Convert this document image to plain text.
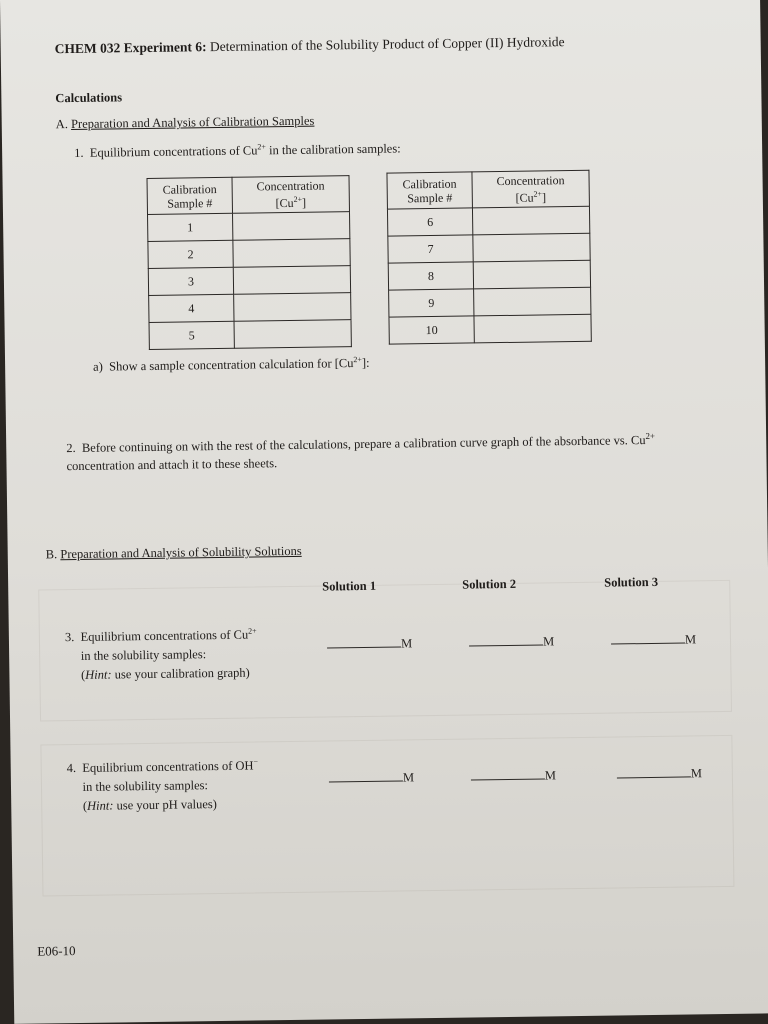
CHEM 032 Experiment 6: Determination of the Solubility Product of Copper (II) Hydroxide
Calculations
A. Preparation and Analysis of Calibration Samples
1. Equilibrium concentrations of $Cu^{2+}$ in the calibration samples:
Calibration
Sample #	Concentration
$[Cu^{2+}]$
1	
2	
3	
4	
5	
Calibration
Sample #	Concentration
$[Cu^{2+}]$
6	
7	
8	
9	
10	
a) Show a sample concentration calculation for $[Cu^{2+}]$:
2. Before continuing on with the rest of the calculations, prepare a calibration curve graph of the absorbance vs. $Cu^{2+}$ concentration and attach it to these sheets.
B. Preparation and Analysis of Solubility Solutions
Solution 1	Solution 2	Solution 3
3. Equilibrium concentrations of $Cu^{2+}$
in the solubility samples:
(Hint: use your calibration graph)
M	M	M
4. Equilibrium concentrations of OH−
in the solubility samples:
(Hint: use your pH values)
M	M	M
E06-10
